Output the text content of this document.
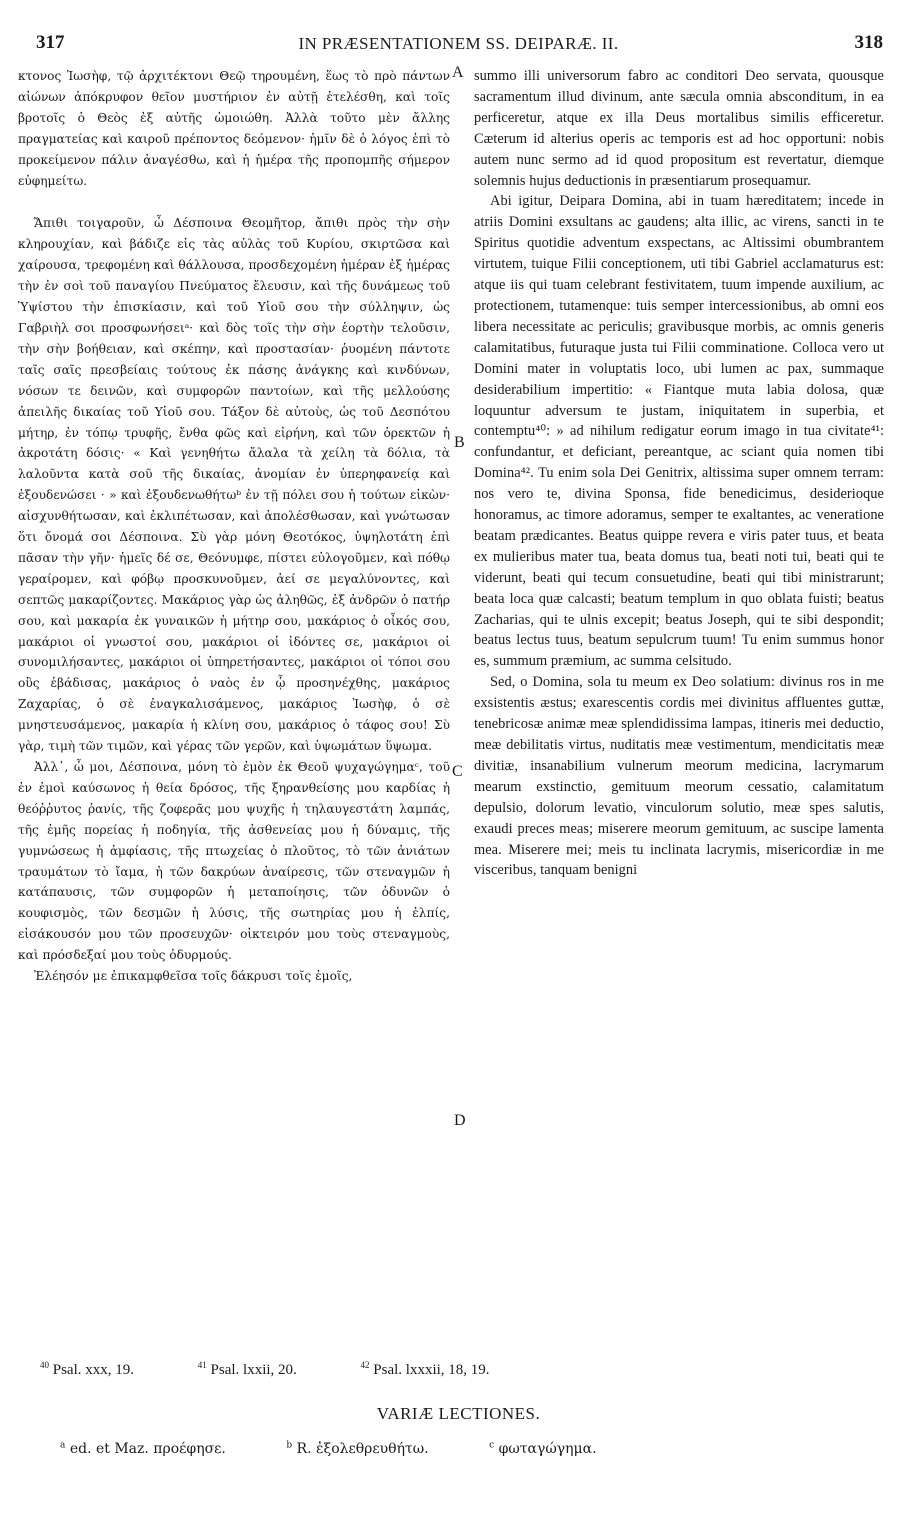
317	IN PRÆSENTATIONEM SS. DEIPARÆ. II.	318

κτονος Ἰωσὴφ, τῷ ἀρχιτέκτονι Θεῷ τηρουμένη, ἕως τὸ πρὸ πάντων αἰώνων ἀπόκρυφον θεῖον μυστήριον ἐν αὐτῇ ἐτελέσθη, καὶ τοῖς βροτοῖς ὁ Θεὸς ἐξ αὐτῆς ὡμοιώθη. Ἀλλὰ τοῦτο μὲν ἄλλης πραγματείας καὶ καιροῦ πρέποντος δεόμενον· ἡμῖν δὲ ὁ λόγος ἐπὶ τὸ προκείμενον πάλιν ἀναγέσθω, καὶ ἡ ἡμέρα τῆς προπομπῆς σήμερον εὐφημείτω.

Ἄπιθι τοιγαροῦν, ὦ Δέσποινα Θεομῆτορ, ἄπιθι πρὸς τὴν σὴν κληρουχίαν, καὶ βάδιζε εἰς τὰς αὐλὰς τοῦ Κυρίου, σκιρτῶσα καὶ χαίρουσα, τρεφομένη καὶ θάλλουσα, προσδεχομένη ἡμέραν ἐξ ἡμέρας τὴν ἐν σοὶ τοῦ παναγίου Πνεύματος ἔλευσιν, καὶ τῆς δυνάμεως τοῦ Ὑψίστου τὴν ἐπισκίασιν, καὶ τοῦ Υἱοῦ σου τὴν σύλληψιν, ὡς Γαβριὴλ σοι προσφωνήσειᵃ· καὶ δὸς τοῖς τὴν σὴν ἑορτὴν τελοῦσιν, τὴν σὴν βοήθειαν, καὶ σκέπην, καὶ προστασίαν· ῥυομένη πάντοτε ταῖς σαῖς πρεσβείαις τούτους ἐκ πάσης ἀνάγκης καὶ κινδύνων, νόσων τε δεινῶν, καὶ συμφορῶν παντοίων, καὶ τῆς μελλούσης ἀπειλῆς δικαίας τοῦ Υἱοῦ σου. Τάξον δὲ αὐτοὺς, ὡς τοῦ Δεσπότου μήτηρ, ἐν τόπῳ τρυφῆς, ἔνθα φῶς καὶ εἰρήνη, καὶ τῶν ὀρεκτῶν ἡ ἀκροτάτη δόσις· « Καὶ γενηθήτω ἄλαλα τὰ χείλη τὰ δόλια, τὰ λαλοῦντα κατὰ σοῦ τῆς δικαίας, ἀνομίαν ἐν ὑπερηφανείᾳ καὶ ἐξουδενώσει · » καὶ ἐξουδενωθήτωᵇ ἐν τῇ πόλει σου ἡ τούτων εἰκὼν· αἰσχυνθήτωσαν, καὶ ἐκλιπέτωσαν, καὶ ἀπολέσθωσαν, καὶ γνώτωσαν ὅτι ὄνομά σοι Δέσποινα. Σὺ γὰρ μόνη Θεοτόκος, ὑψηλοτάτη ἐπὶ πᾶσαν τὴν γῆν· ἡμεῖς δέ σε, Θεόνυμφε, πίστει εὐλογοῦμεν, καὶ πόθῳ γεραίρομεν, καὶ φόβῳ προσκυνοῦμεν, ἀεί σε μεγαλύνοντες, καὶ σεπτῶς μακαρίζοντες. Μακάριος γὰρ ὡς ἀληθῶς, ἐξ ἀνδρῶν ὁ πατήρ σου, καὶ μακαρία ἐκ γυναικῶν ἡ μήτηρ σου, μακάριος ὁ οἶκός σου, μακάριοι οἱ γνωστοί σου, μακάριοι οἱ ἰδόντες σε, μακάριοι οἱ συνομιλήσαντες, μακάριοι οἱ ὑπηρετήσαντες, μακάριοι οἱ τόποι σου οὓς ἐβάδισας, μακάριος ὁ ναὸς ἐν ᾧ προσηνέχθης, μακάριος Ζαχαρίας, ὁ σὲ ἐναγκαλισάμενος, μακάριος Ἰωσὴφ, ὁ σὲ μνηστευσάμενος, μακαρία ἡ κλίνη σου, μακάριος ὁ τάφος σου! Σὺ γὰρ, τιμὴ τῶν τιμῶν, καὶ γέρας τῶν γερῶν, καὶ ὑψωμάτων ὕψωμα.

Ἀλλ᾽, ὦ μοι, Δέσποινα, μόνη τὸ ἐμὸν ἐκ Θεοῦ ψυχαγώγημαᶜ, τοῦ ἐν ἐμοὶ καύσωνος ἡ θεία δρόσος, τῆς ξηρανθείσης μου καρδίας ἡ θεόῤῥυτος ῥανίς, τῆς ζοφερᾶς μου ψυχῆς ἡ τηλαυγεστάτη λαμπάς, τῆς ἐμῆς πορείας ἡ ποδηγία, τῆς ἀσθενείας μου ἡ δύναμις, τῆς γυμνώσεως ἡ ἀμφίασις, τῆς πτωχείας ὁ πλοῦτος, τὸ τῶν ἀνιάτων τραυμάτων τὸ ἴαμα, ἡ τῶν δακρύων ἀναίρεσις, τῶν στεναγμῶν ἡ κατάπαυσις, τῶν συμφορῶν ἡ μεταποίησις, τῶν ὀδυνῶν ὁ κουφισμὸς, τῶν δεσμῶν ἡ λύσις, τῆς σωτηρίας μου ἡ ἐλπίς, εἰσάκουσόν μου τῶν προσευχῶν· οἰκτειρόν μου τοὺς στεναγμοὺς, καὶ πρόσδεξαί μου τοὺς ὀδυρμούς.

Ἐλέησόν με ἐπικαμφθεῖσα τοῖς δάκρυσι τοῖς ἐμοῖς,

A
B
C
D

summo illi universorum fabro ac conditori Deo servata, quousque sacramentum illud divinum, ante sæcula omnia absconditum, in ea perficeretur, atque ex illa Deus mortalibus similis efficeretur. Cæterum id alterius operis ac temporis est ad hoc opportuni: nobis autem nunc sermo ad id quod propositum est revertatur, diemque solemnis hujus deductionis in præsentiarum prosequamur.

Abi igitur, Deipara Domina, abi in tuam hæreditatem; incede in atriis Domini exsultans ac gaudens; alta illic, ac virens, sancti in te Spiritus quotidie adventum exspectans, ac Altissimi obumbrantem virtutem, tuique Filii conceptionem, uti tibi Gabriel acclamaturus est: atque iis qui tuam celebrant festivitatem, tuum impende auxilium, ac protectionem, tutamenque: tuis semper intercessionibus, ab omni eos libera necessitate ac periculis; gravibusque morbis, ac omnis generis calamitatibus, futuraque justa tui Filii comminatione. Colloca vero ut Domini mater in voluptatis loco, ubi lumen ac pax, summaque desiderabilium impertitio: « Fiantque muta labia dolosa, quæ loquuntur adversum te justam, iniquitatem in superbia, et contemptu⁴⁰: » ad nihilum redigatur eorum imago in tua civitate⁴¹: confundantur, et deficiant, pereantque, ac sciant quia nomen tibi Domina⁴². Tu enim sola Dei Genitrix, altissima super omnem terram: nos vero te, divina Sponsa, fide benedicimus, desiderioque honoramus, ac timore adoramus, semper te exaltantes, ac veneratione beatam prædicantes. Beatus quippe revera e viris pater tuus, et beata ex mulieribus mater tua, beata domus tua, beati noti tui, beati qui te viderunt, beati qui tecum consuetudine, beati qui tibi ministrarunt; beata loca quæ calcasti; beatum templum in quo oblata fuisti; beatus Zacharias, qui te ulnis excepit; beatus Joseph, qui te sibi despondit; beatus lectus tuus, beatum sepulcrum tuum! Tu enim summus honor es, summum præmium, ac summa celsitudo.

Sed, o Domina, sola tu meum ex Deo solatium: divinus ros in me exsistentis æstus; exarescentis cordis mei divinitus affluentes guttæ, tenebricosæ animæ meæ splendidissima lampas, itineris mei deductio, meæ debilitatis virtus, nuditatis meæ vestimentum, mendicitatis meæ divitiæ, insanabilium vulnerum meorum medicina, lacrymarum mearum exstinctio, gemituum meorum cessatio, calamitatum depulsio, dolorum levatio, vinculorum solutio, meæ spes salutis, exaudi preces meas; miserere meorum gemituum, ac suscipe lamenta mea. Miserere mei; meis tu inclinata lacrymis, misericordiæ in me visceribus, tanquam benigni

$^{40}$ Psal. xxx, 19.	$^{41}$ Psal. lxxii, 20.	$^{42}$ Psal. lxxxii, 18, 19.
VARIÆ LECTIONES.
$^a$ ed. et Maz. προέφησε.	$^b$ R. ἐξολεθρευθήτω.	$^c$ φωταγώγημα.
